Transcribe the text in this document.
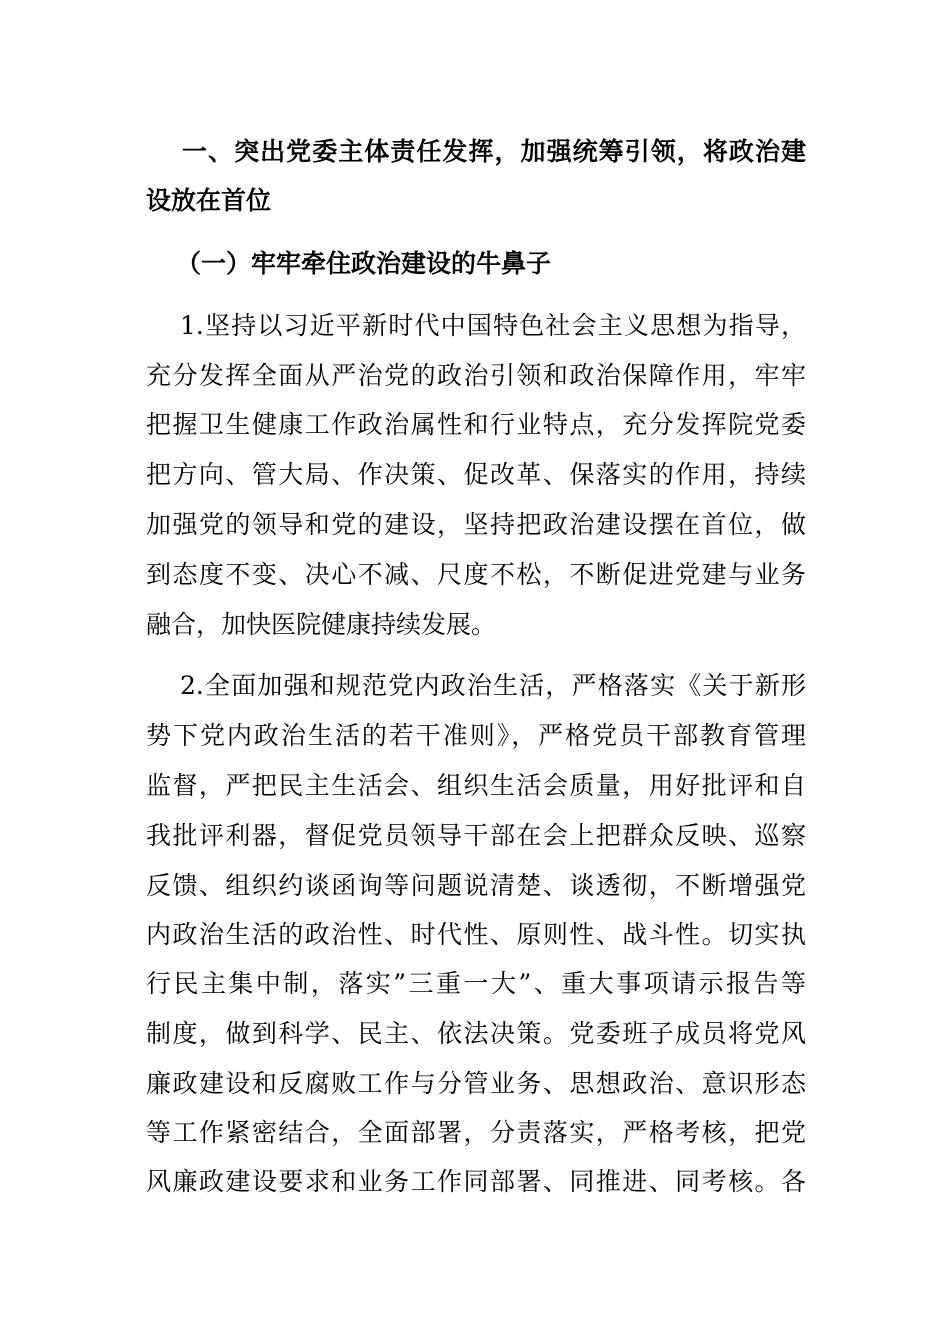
一、突出党委主体责任发挥，加强统筹引领，将政治建
设放在首位
（一）牢牢牵住政治建设的牛鼻子
1.坚持以习近平新时代中国特色社会主义思想为指导，
充分发挥全面从严治党的政治引领和政治保障作用，牢牢
把握卫生健康工作政治属性和行业特点，充分发挥院党委
把方向、管大局、作决策、促改革、保落实的作用，持续
加强党的领导和党的建设，坚持把政治建设摆在首位，做
到态度不变、决心不减、尺度不松，不断促进党建与业务
融合，加快医院健康持续发展。
2.全面加强和规范党内政治生活，严格落实《关于新形
势下党内政治生活的若干准则》，严格党员干部教育管理
监督，严把民主生活会、组织生活会质量，用好批评和自
我批评利器，督促党员领导干部在会上把群众反映、巡察
反馈、组织约谈函询等问题说清楚、谈透彻，不断增强党
内政治生活的政治性、时代性、原则性、战斗性。切实执
行民主集中制，落实”三重一大”、重大事项请示报告等
制度，做到科学、民主、依法决策。党委班子成员将党风
廉政建设和反腐败工作与分管业务、思想政治、意识形态
等工作紧密结合，全面部署，分责落实，严格考核，把党
风廉政建设要求和业务工作同部署、同推进、同考核。各
